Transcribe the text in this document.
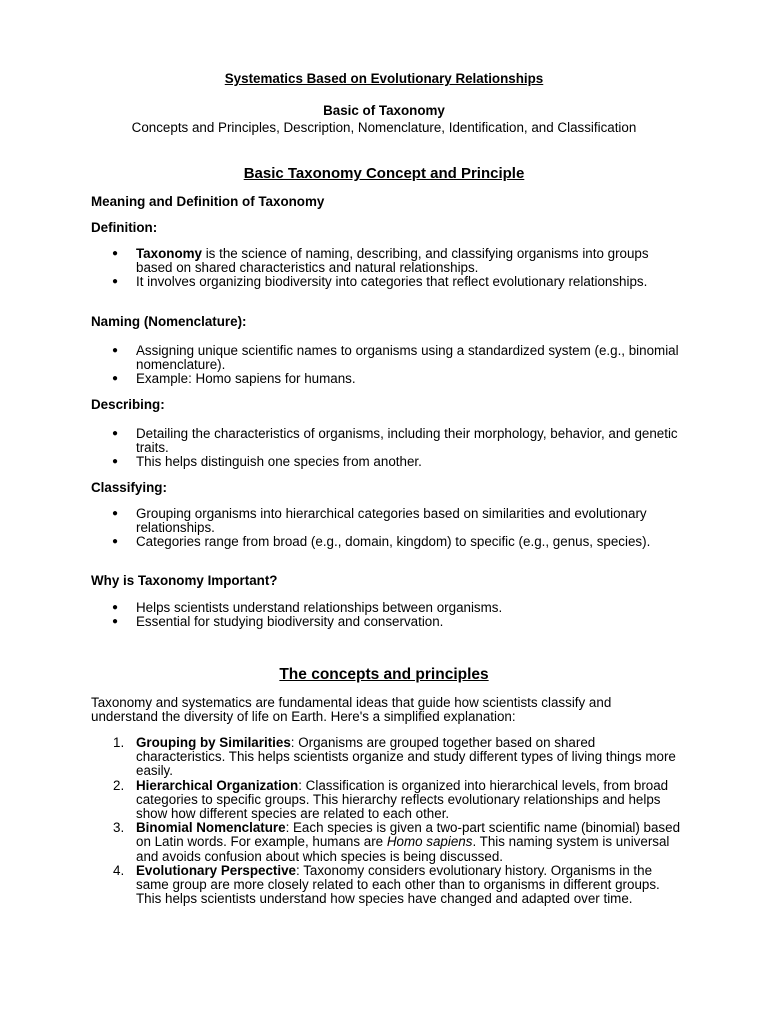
Systematics Based on Evolutionary Relationships
Basic of Taxonomy
Concepts and Principles, Description, Nomenclature, Identification, and Classification
Basic Taxonomy Concept and Principle
Meaning and Definition of Taxonomy
Definition:
● Taxonomy is the science of naming, describing, and classifying organisms into groups based on shared characteristics and natural relationships.
● It involves organizing biodiversity into categories that reflect evolutionary relationships.
Naming (Nomenclature):
● Assigning unique scientific names to organisms using a standardized system (e.g., binomial nomenclature).
● Example: Homo sapiens for humans.
Describing:
● Detailing the characteristics of organisms, including their morphology, behavior, and genetic traits.
● This helps distinguish one species from another.
Classifying:
● Grouping organisms into hierarchical categories based on similarities and evolutionary relationships.
● Categories range from broad (e.g., domain, kingdom) to specific (e.g., genus, species).
Why is Taxonomy Important?
● Helps scientists understand relationships between organisms.
● Essential for studying biodiversity and conservation.
The concepts and principles
Taxonomy and systematics are fundamental ideas that guide how scientists classify and understand the diversity of life on Earth. Here's a simplified explanation:
1. Grouping by Similarities: Organisms are grouped together based on shared characteristics. This helps scientists organize and study different types of living things more easily.
2. Hierarchical Organization: Classification is organized into hierarchical levels, from broad categories to specific groups. This hierarchy reflects evolutionary relationships and helps show how different species are related to each other.
3. Binomial Nomenclature: Each species is given a two-part scientific name (binomial) based on Latin words. For example, humans are Homo sapiens. This naming system is universal and avoids confusion about which species is being discussed.
4. Evolutionary Perspective: Taxonomy considers evolutionary history. Organisms in the same group are more closely related to each other than to organisms in different groups. This helps scientists understand how species have changed and adapted over time.
